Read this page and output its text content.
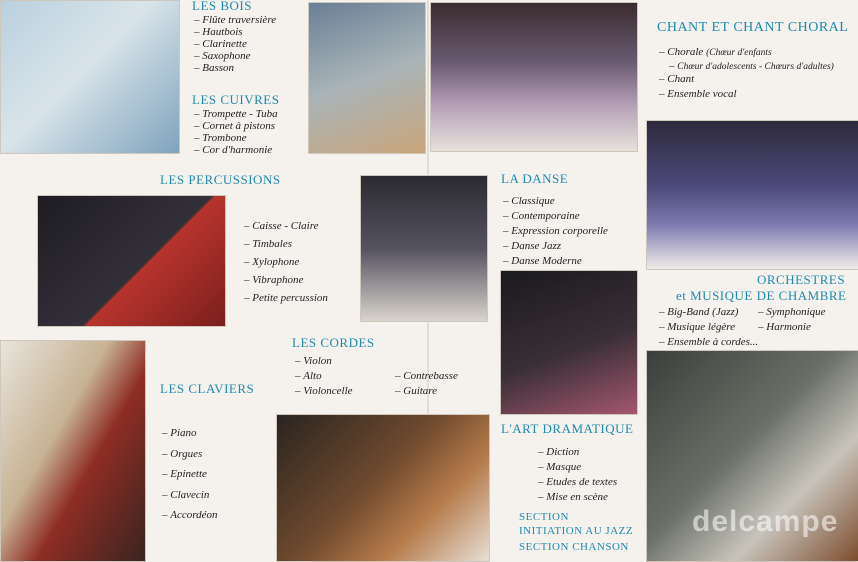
LES BOIS
– Flûte traversière
– Hautbois
– Clarinette
– Saxophone
– Basson
LES CUIVRES
– Trompette - Tuba
– Cornet à pistons
– Trombone
– Cor d'harmonie
CHANT ET CHANT CHORAL
– Chorale (Chœur d'enfants
– Chœur d'adolescents - Chœurs d'adultes)
– Chant
– Ensemble vocal
LES PERCUSSIONS
– Caisse - Claire
– Timbales
– Xylophone
– Vibraphone
– Petite percussion
LA DANSE
– Classique
– Contemporaine
– Expression corporelle
– Danse Jazz
– Danse Moderne
ORCHESTRES
et MUSIQUE DE CHAMBRE
– Big-Band (Jazz)
– Musique légère
– Ensemble à cordes...
– Symphonique
– Harmonie
LES CORDES
– Violon
– Alto
– Violoncelle
– Contrebasse
– Guitare
LES CLAVIERS
– Piano
– Orgues
– Epinette
– Clavecin
– Accordéon
L'ART DRAMATIQUE
– Diction
– Masque
– Etudes de textes
– Mise en scène
SECTION
INITIATION AU JAZZ
SECTION CHANSON
delcampe
